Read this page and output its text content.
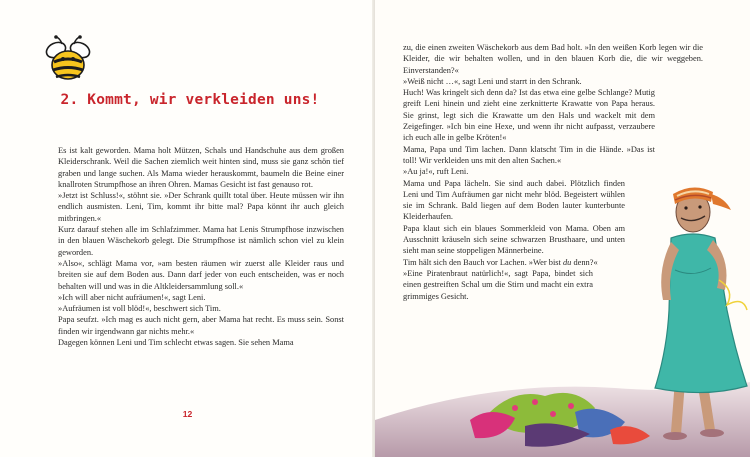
2. Kommt, wir verkleiden uns!

Es ist kalt geworden. Mama holt Mützen, Schals und Handschuhe aus dem großen Kleiderschrank. Weil die Sachen ziemlich weit hinten sind, muss sie ganz schön tief graben und lange suchen. Als Mama wieder herauskommt, baumeln die Beine einer knallroten Strumpfhose an ihren Ohren. Mamas Gesicht ist fast genauso rot.

»Jetzt ist Schluss!«, stöhnt sie. »Der Schrank quillt total über. Heute müssen wir ihn endlich ausmisten. Leni, Tim, kommt ihr bitte mal? Papa könnt ihr auch gleich mitbringen.«

Kurz darauf stehen alle im Schlafzimmer. Mama hat Lenis Strumpfhose inzwischen in den blauen Wäschekorb gelegt. Die Strumpfhose ist nämlich schon viel zu klein geworden.

»Also«, schlägt Mama vor, »am besten räumen wir zuerst alle Kleider raus und breiten sie auf dem Boden aus. Dann darf jeder von euch entscheiden, was er noch behalten will und was in die Altkleidersammlung soll.«

»Ich will aber nicht aufräumen!«, sagt Leni.

»Aufräumen ist voll blöd!«, beschwert sich Tim.

Papa seufzt. »Ich mag es auch nicht gern, aber Mama hat recht. Es muss sein. Sonst finden wir irgendwann gar nichts mehr.«

Dagegen können Leni und Tim schlecht etwas sagen. Sie sehen Mama

12

zu, die einen zweiten Wäschekorb aus dem Bad holt. »In den weißen Korb legen wir die Kleider, die wir behalten wollen, und in den blauen Korb die, die wir weggeben. Einverstanden?«

»Weiß nicht …«, sagt Leni und starrt in den Schrank.

Huch! Was kringelt sich denn da? Ist das etwa eine gelbe Schlange? Mutig greift Leni hinein und zieht eine zerknitterte Krawatte von Papa heraus. Sie grinst, legt sich die Krawatte um den Hals und wackelt mit dem Zeigefinger. »Ich bin eine Hexe, und wenn ihr nicht aufpasst, verzaubere ich euch alle in gelbe Kröten!«

Mama, Papa und Tim lachen. Dann klatscht Tim in die Hände. »Das ist toll! Wir verkleiden uns mit den alten Sachen.«

»Au ja!«, ruft Leni.

Mama und Papa lächeln. Sie sind auch dabei. Plötzlich finden Leni und Tim Aufräumen gar nicht mehr blöd. Begeistert wühlen sie im Schrank. Bald liegen auf dem Boden lauter kunterbunte Kleiderhaufen.

Papa klaut sich ein blaues Sommerkleid von Mama. Oben am Ausschnitt kräuseln sich seine schwarzen Brusthaare, und unten sieht man seine stoppeligen Männerbeine.

Tim hält sich den Bauch vor Lachen. »Wer bist du denn?«

»Eine Piratenbraut natürlich!«, sagt Papa, bindet sich einen gestreiften Schal um die Stirn und macht ein extra grimmiges Gesicht.
